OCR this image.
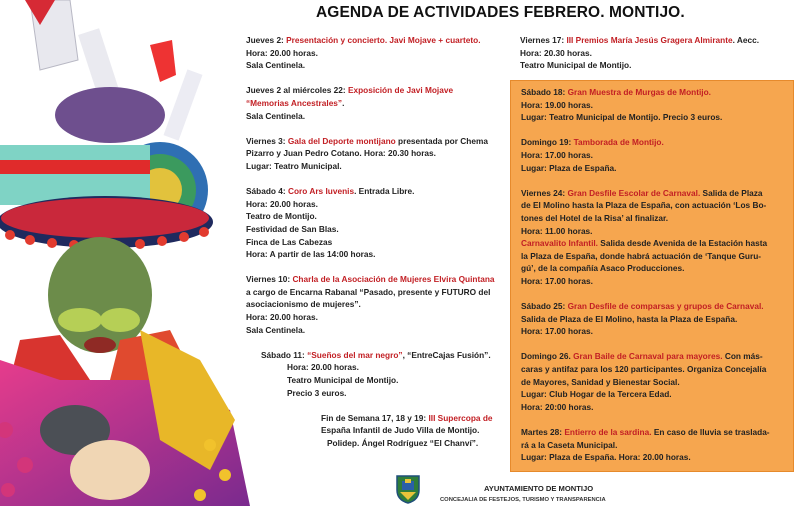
AGENDA DE ACTIVIDADES FEBRERO. MONTIJO.

Jueves 2: Presentación y concierto. Javi Mojave + cuarteto.

Hora: 20.00 horas.

Sala Centinela.

Jueves 2 al miércoles 22: Exposición de Javi Mojave

“Memorias Ancestrales”.

Sala Centinela.

Viernes 3: Gala del Deporte montijano presentada por Chema

Pizarro y Juan Pedro Cotano. Hora: 20.30 horas.

Lugar: Teatro Municipal.

Sábado 4: Coro Ars Iuvenis. Entrada Libre.

Hora: 20.00 horas.

Teatro de Montijo.

Festividad de San Blas.

Finca de Las Cabezas

Hora: A partir de las 14:00 horas.

Viernes 10: Charla de la Asociación de Mujeres Elvira Quintana

a cargo de Encarna Rabanal “Pasado, presente y FUTURO del

asociacionismo de mujeres”.

Hora: 20.00 horas.

Sala Centinela.

Sábado 11: “Sueños del mar negro”, “EntreCajas Fusión”.

Hora: 20.00 horas.

Teatro Municipal de Montijo.

Precio 3 euros.

Fin de Semana 17, 18 y 19: III Supercopa de

España Infantil de Judo Villa de Montijo.

Polidep. Ángel Rodríguez “El Chanví”.

Viernes 17: III Premios María Jesús Gragera Almirante. Aecc.

Hora: 20.30 horas.

Teatro Municipal de Montijo.

Sábado 18: Gran Muestra de Murgas de Montijo.

Hora: 19.00 horas.

Lugar: Teatro Municipal de Montijo. Precio 3 euros.

Domingo 19: Tamborada de Montijo.

Hora: 17.00 horas.

Lugar: Plaza de España.

Viernes 24: Gran Desfile Escolar de Carnaval. Salida de Plaza

de El Molino hasta la Plaza de España, con actuación ‘Los Bo-

tones del Hotel de la Risa’ al finalizar.

Hora: 11.00 horas.

Carnavalito Infantil. Salida desde Avenida de la Estación hasta

la Plaza de España, donde habrá actuación de ‘Tanque Guru-

gú’, de la compañía Asaco Producciones.

Hora: 17.00 horas.

Sábado 25: Gran Desfile de comparsas y grupos de Carnaval.

Salida de Plaza de El Molino, hasta la Plaza de España.

Hora: 17.00 horas.

Domingo 26. Gran Baile de Carnaval para mayores. Con más-

caras y antifaz para los 120 participantes. Organiza Concejalía

de Mayores, Sanidad y Bienestar Social.

Lugar: Club Hogar de la Tercera Edad.

Hora: 20:00 horas.

Martes 28: Entierro de la sardina. En caso de lluvia se traslada-

rá a la Caseta Municipal.

Lugar: Plaza de España. Hora: 20.00 horas.

AYUNTAMIENTO DE MONTIJO
CONCEJALIA DE FESTEJOS, TURISMO Y TRANSPARENCIA
